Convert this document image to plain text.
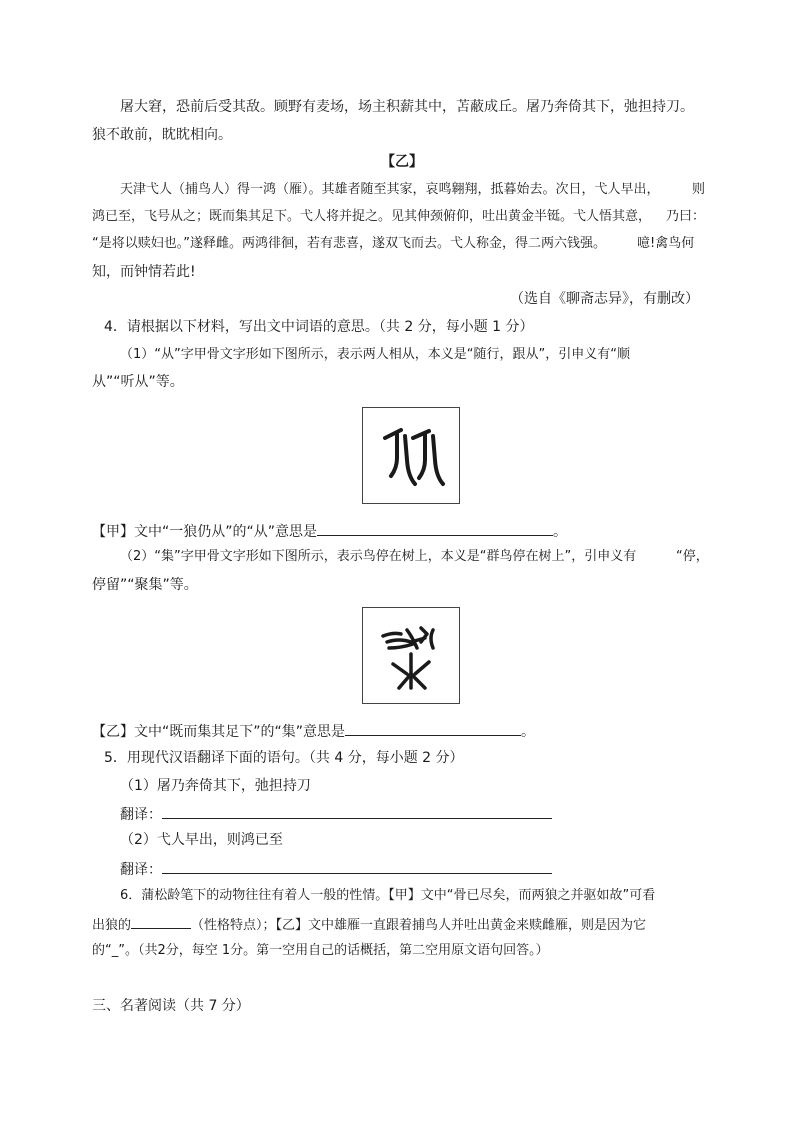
屠大窘，恐前后受其敌。顾野有麦场，场主积薪其中，苫蔽成丘。屠乃奔倚其下，弛担持刀。
狼不敢前，眈眈相向。
【乙】
天津弋人（捕鸟人）得一鸿（雁）。其雄者随至其家，哀鸣翱翔，抵暮始去。次日，弋人早出， 则
鸿已至，飞号从之；既而集其足下。弋人将并捉之。见其伸颈俯仰，吐出黄金半铤。弋人悟其意， 乃曰：
“是将以赎妇也。”遂释雌。两鸿徘徊，若有悲喜，遂双飞而去。弋人称金，得二两六钱强。 噫!禽鸟何
知，而钟情若此!
（选自《聊斋志异》，有删改）
4．请根据以下材料，写出文中词语的意思。（共 2 分，每小题 1 分）
（1）“从”字甲骨文字形如下图所示，表示两人相从，本义是“随行，跟从”，引申义有“顺
从”“听从”等。
【甲】文中“一狼仍从”的“从”意思是	。
（2）“集”字甲骨文字形如下图所示，表示鸟停在树上，本义是“群鸟停在树上”，引申义有	“停，
停留”“聚集”等。
【乙】文中“既而集其足下”的“集”意思是	。
5．用现代汉语翻译下面的语句。（共 4 分，每小题 2 分）
（1）屠乃奔倚其下，弛担持刀
翻译：
（2）弋人早出，则鸿已至
翻译：
6．蒲松龄笔下的动物往往有着人一般的性情。【甲】文中“骨已尽矣，而两狼之并驱如故”可看
出狼的	（性格特点）；【乙】文中雄雁一直跟着捕鸟人并吐出黄金来赎雌雁，则是因为它
的“_”。（共2分，每空 1分。第一空用自己的话概括，第二空用原文语句回答。）
三、名著阅读（共 7 分）
